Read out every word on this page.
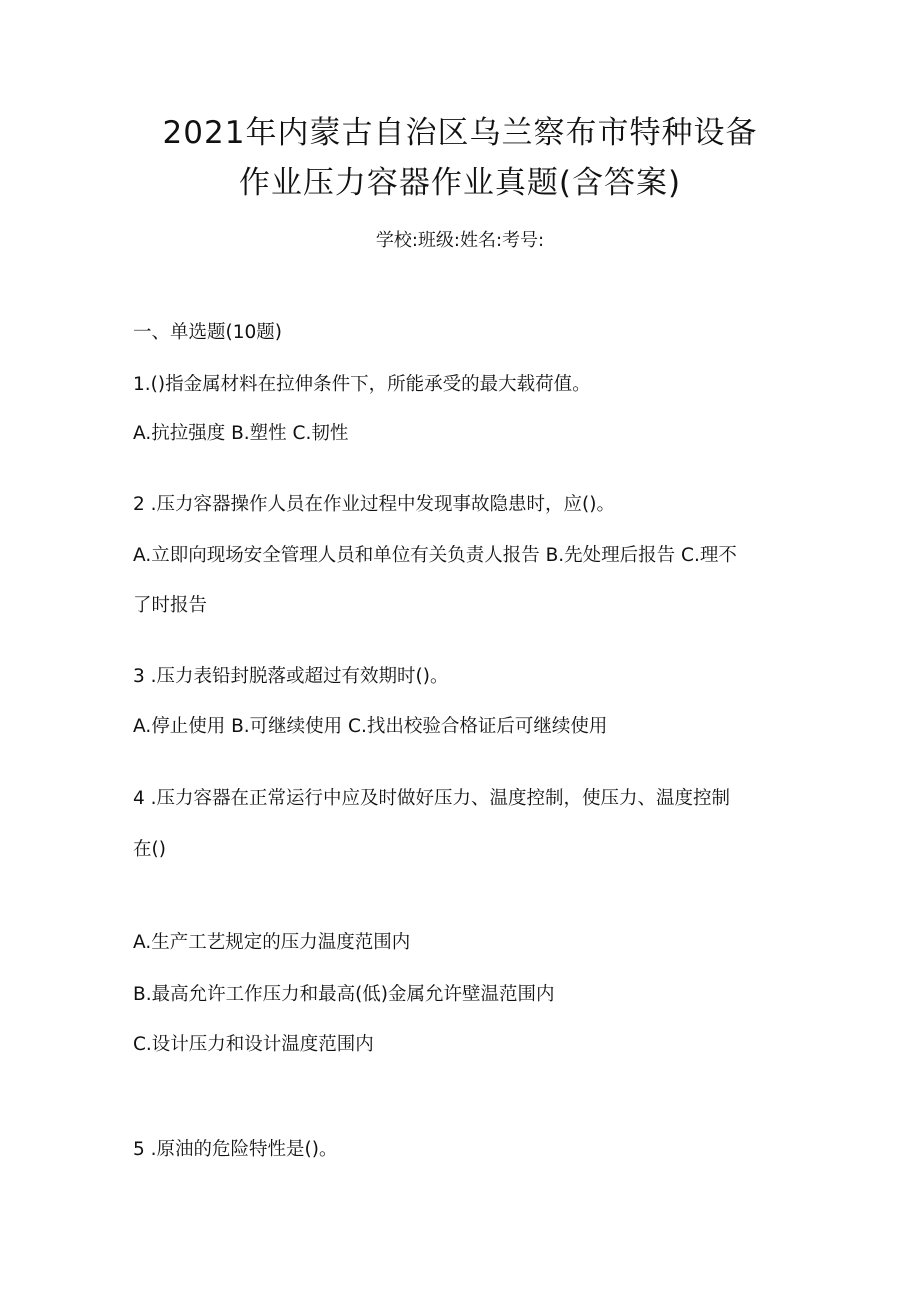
2021年内蒙古自治区乌兰察布市特种设备
作业压力容器作业真题(含答案)
学校:班级:姓名:考号:
一、单选题(10题)
1.()指金属材料在拉伸条件下，所能承受的最大载荷值。
A.抗拉强度 B.塑性 C.韧性
2 .压力容器操作人员在作业过程中发现事故隐患时，应()。
A.立即向现场安全管理人员和单位有关负责人报告 B.先处理后报告 C.理不
了时报告
3 .压力表铅封脱落或超过有效期时()。
A.停止使用 B.可继续使用 C.找出校验合格证后可继续使用
4 .压力容器在正常运行中应及时做好压力、温度控制，使压力、温度控制
在()
A.生产工艺规定的压力温度范围内
B.最高允许工作压力和最高(低)金属允许壁温范围内
C.设计压力和设计温度范围内
5 .原油的危险特性是()。
